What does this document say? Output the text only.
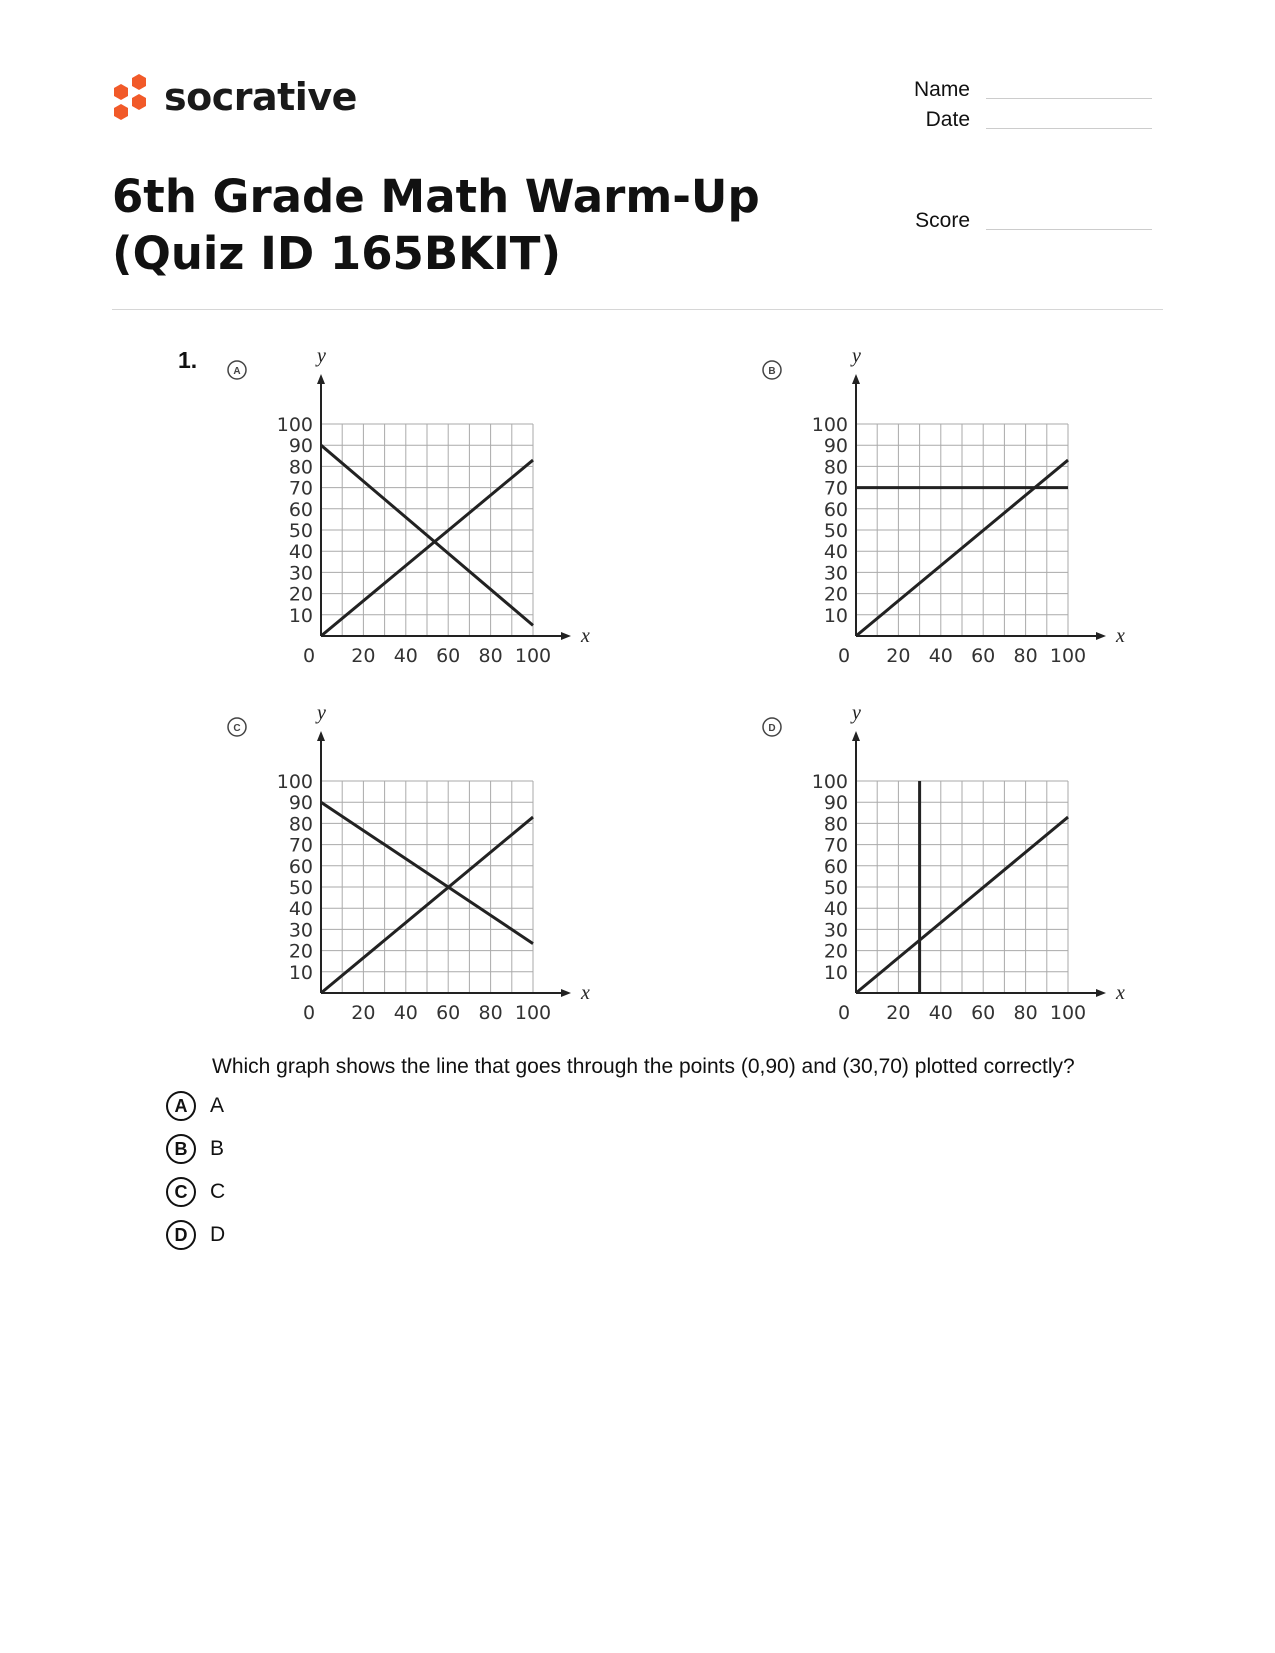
socrative	Name
Date
Score
6th Grade Math Warm-Up (Quiz ID 165BKIT)
1.	A
x
y
0 20 40 60 80 100
10
20
30
40
50
60
70
80
90
100
B
x
y
0 20 40 60 80 100
10
20
30
40
50
60
70
80
90
100
C
x
y
0 20 40 60 80 100
10
20
30
40
50
60
70
80
90
100
D
x
y
0 20 40 60 80 100
10
20
30
40
50
60
70
80
90
100
Which graph shows the line that goes through the points (0,90) and (30,70) plotted correctly?
A	A
B	B
C	C
D	D
